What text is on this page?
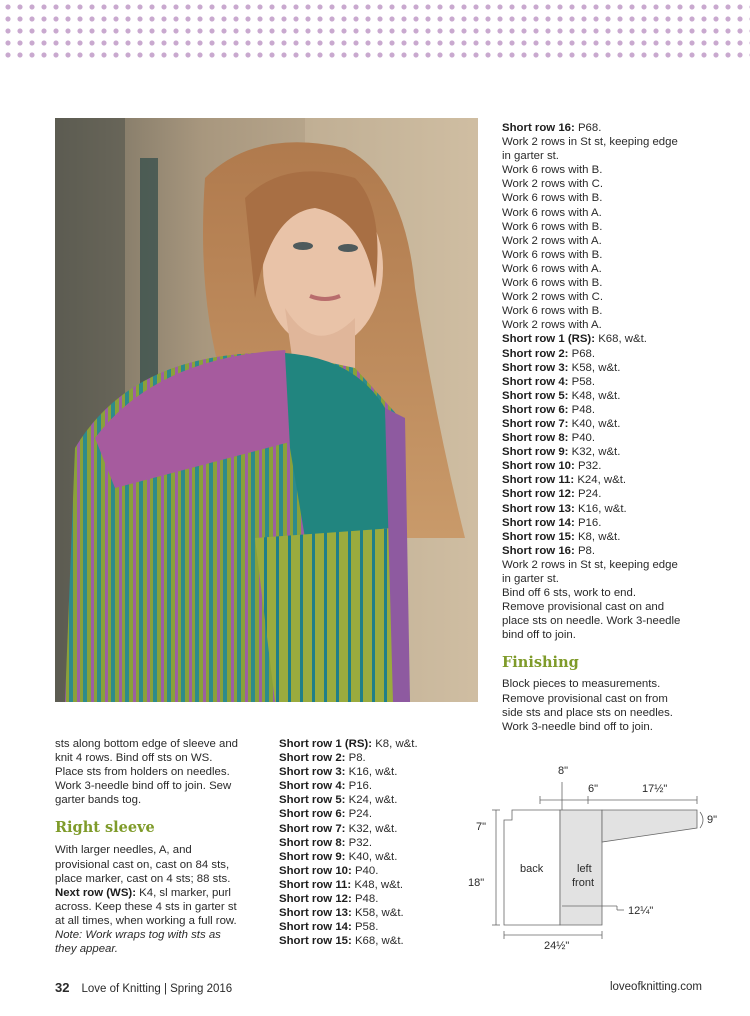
sts along bottom edge of sleeve and
knit 4 rows. Bind off sts on WS.
Place sts from holders on needles.
Work 3-needle bind off to join. Sew
garter bands tog.
Right sleeve
With larger needles, A, and
provisional cast on, cast on 84 sts,
place marker, cast on 4 sts; 88 sts.
Next row (WS): K4, sl marker, purl
across. Keep these 4 sts in garter st
at all times, when working a full row.
Note: Work wraps tog with sts as
they appear.
Short row 1 (RS): K8, w&t.
Short row 2: P8.
Short row 3: K16, w&t.
Short row 4: P16.
Short row 5: K24, w&t.
Short row 6: P24.
Short row 7: K32, w&t.
Short row 8: P32.
Short row 9: K40, w&t.
Short row 10: P40.
Short row 11: K48, w&t.
Short row 12: P48.
Short row 13: K58, w&t.
Short row 14: P58.
Short row 15: K68, w&t.
Short row 16: P68.
Work 2 rows in St st, keeping edge
in garter st.
Work 6 rows with B.
Work 2 rows with C.
Work 6 rows with B.
Work 6 rows with A.
Work 6 rows with B.
Work 2 rows with A.
Work 6 rows with B.
Work 6 rows with A.
Work 6 rows with B.
Work 2 rows with C.
Work 6 rows with B.
Work 2 rows with A.
Short row 1 (RS): K68, w&t.
Short row 2: P68.
Short row 3: K58, w&t.
Short row 4: P58.
Short row 5: K48, w&t.
Short row 6: P48.
Short row 7: K40, w&t.
Short row 8: P40.
Short row 9: K32, w&t.
Short row 10: P32.
Short row 11: K24, w&t.
Short row 12: P24.
Short row 13: K16, w&t.
Short row 14: P16.
Short row 15: K8, w&t.
Short row 16: P8.
Work 2 rows in St st, keeping edge
in garter st.
Bind off 6 sts, work to end.
Remove provisional cast on and
place sts on needle. Work 3-needle
bind off to join.
Finishing
Block pieces to measurements.
Remove provisional cast on from
side sts and place sts on needles.
Work 3-needle bind off to join.
8"
6"	17½"
9"
7"
18"
back	left
front
12¼"
24½"
32 Love of Knitting | Spring 2016	loveofknitting.com
